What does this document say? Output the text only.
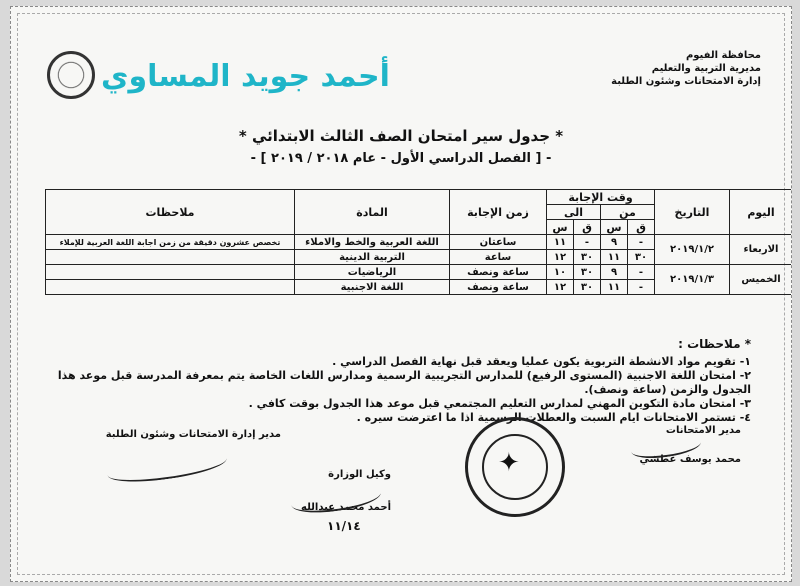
محافظة الفيوم
مديرية التربية والتعليم
إدارة الامتحانات وشئون الطلبة
أحمد جويد المساوي
* جدول سير امتحان الصف الثالث الابتدائي *
- [ الفصل الدراسي الأول - عام ٢٠١٨ / ٢٠١٩ ] -
اليوم	التاريخ	وقت الإجابة				زمن الإجابة	المادة	ملاحظات
		من		الى				
		ق	س	ق	س			
الاربعاء	٢٠١٩/١/٢	-	٩	-	١١	ساعتان	اللغة العربية والخط والاملاء	تخصص عشرون دقيقة من زمن اجابة اللغة العربية للإملاء
		٣٠	١١	٣٠	١٢	ساعة	التربية الدينية	
الخميس	٢٠١٩/١/٣	-	٩	٣٠	١٠	ساعة ونصف	الرياضيات	
		-	١١	٣٠	١٢	ساعة ونصف	اللغة الاجنبية	
* ملاحظات :
١- تقويم مواد الانشطة التربوية يكون عمليا ويعقد قبل نهاية الفصل الدراسي .
٢- امتحان اللغة الاجنبية (المستوى الرفيع) للمدارس التجريبية الرسمية ومدارس اللغات الخاصة يتم بمعرفة المدرسة قبل موعد هذا الجدول والزمن (ساعة ونصف).
٣- امتحان مادة التكوين المهني لمدارس التعليم المجتمعي قبل موعد هذا الجدول بوقت كافي .
٤- تستمر الامتحانات ايام السبت والعطلات الرسمية اذا ما اعترضت سيره .
مدير الامتحانات
محمد يوسف عطشي
✦
وكيل الوزارة
أحمد محمد عبدالله
١١/١٤
مدير إدارة الامتحانات وشئون الطلبة
